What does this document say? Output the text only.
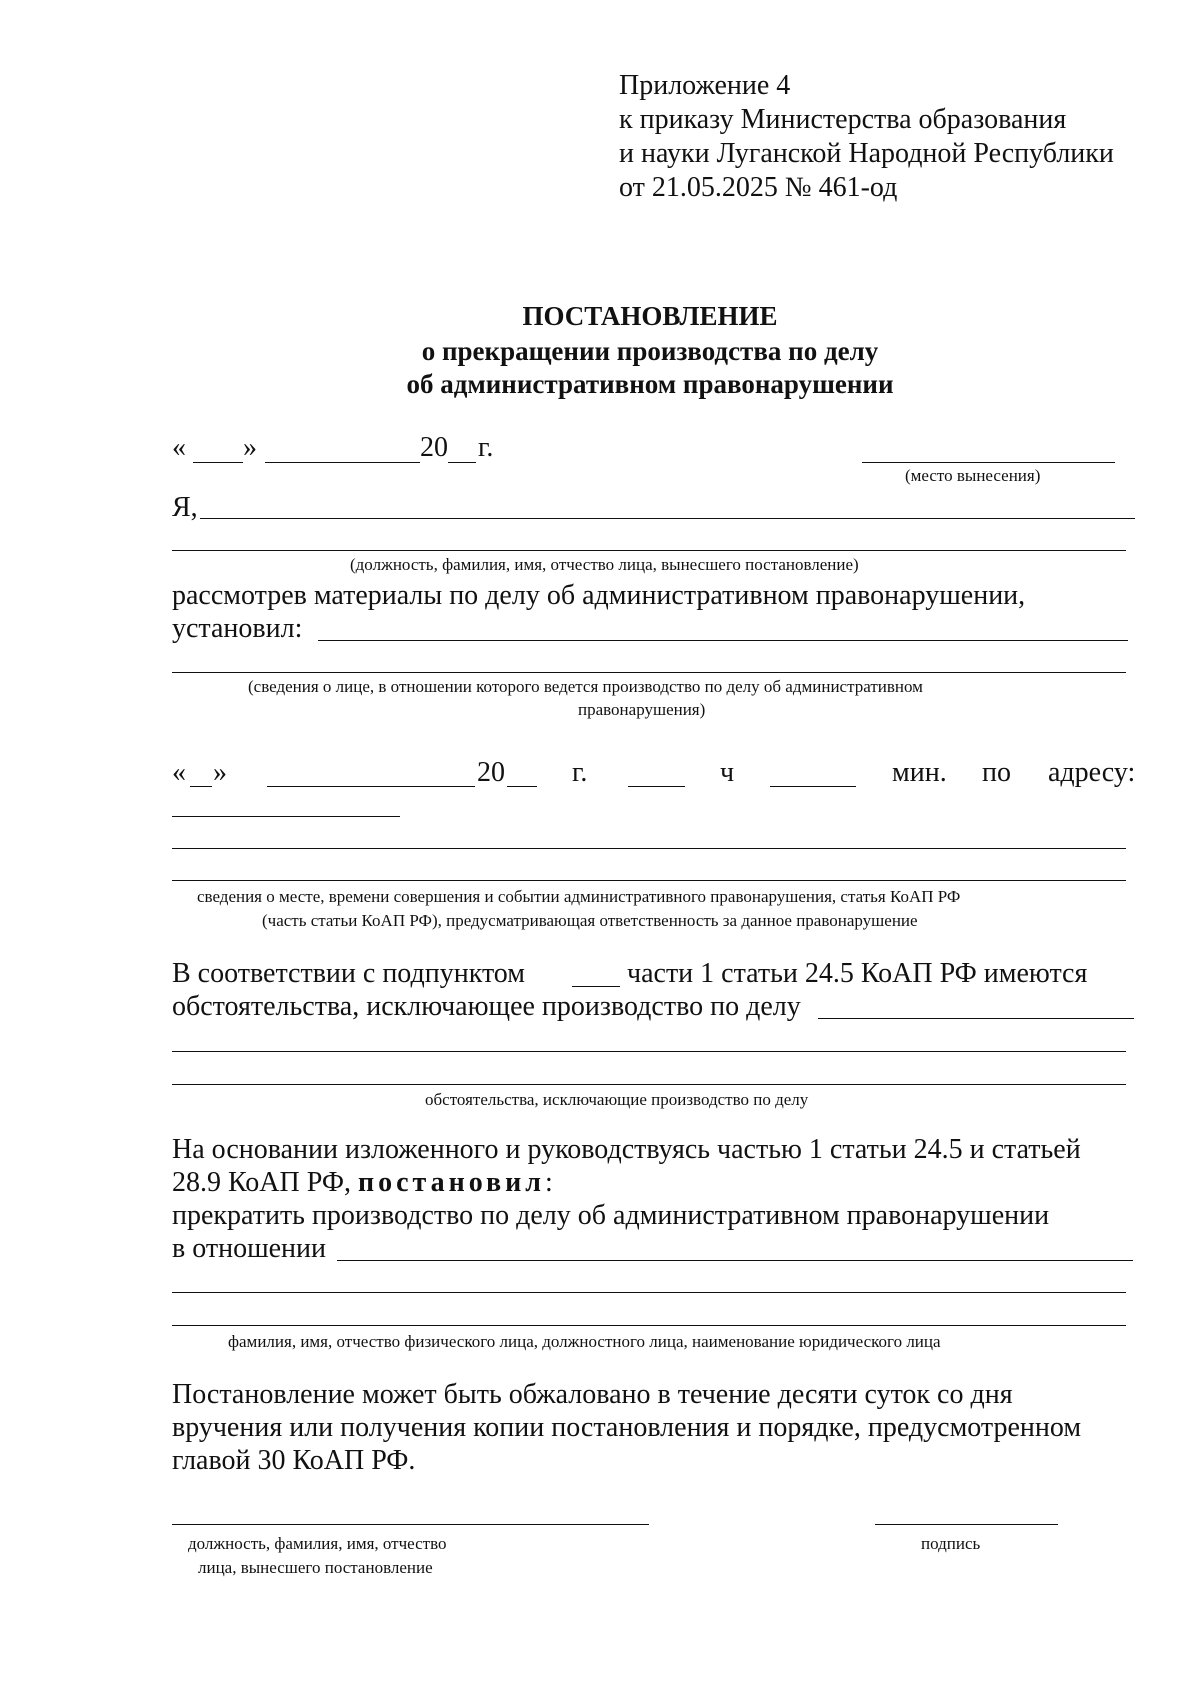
Приложение 4
к приказу Министерства образования
и науки Луганской Народной Республики
от 21.05.2025 № 461-од
ПОСТАНОВЛЕНИЕ
о прекращении производства по делу
об административном правонарушении
« »	20 г.
(место вынесения)
Я,
(должность, фамилия, имя, отчество лица, вынесшего постановление)
рассмотрев материалы по делу об административном правонарушении,
установил:
(сведения о лице, в отношении которого ведется производство по делу об административном
правонарушения)
« »	20 г.	ч	мин. по адресу:
сведения о месте, времени совершения и событии административного правонарушения, статья КоАП РФ
(часть статьи КоАП РФ), предусматривающая ответственность за данное правонарушение
В соответствии с подпунктом	части 1 статьи 24.5 КоАП РФ имеются
обстоятельства, исключающее производство по делу
обстоятельства, исключающие производство по делу
На основании изложенного и руководствуясь частью 1 статьи 24.5 и статьей
28.9 КоАП РФ, постановил:
прекратить производство по делу об административном правонарушении
в отношении
фамилия, имя, отчество физического лица, должностного лица, наименование юридического лица
Постановление может быть обжаловано в течение десяти суток со дня
вручения или получения копии постановления и порядке, предусмотренном
главой 30 КоАП РФ.
должность, фамилия, имя, отчество
лица, вынесшего постановление
подпись
